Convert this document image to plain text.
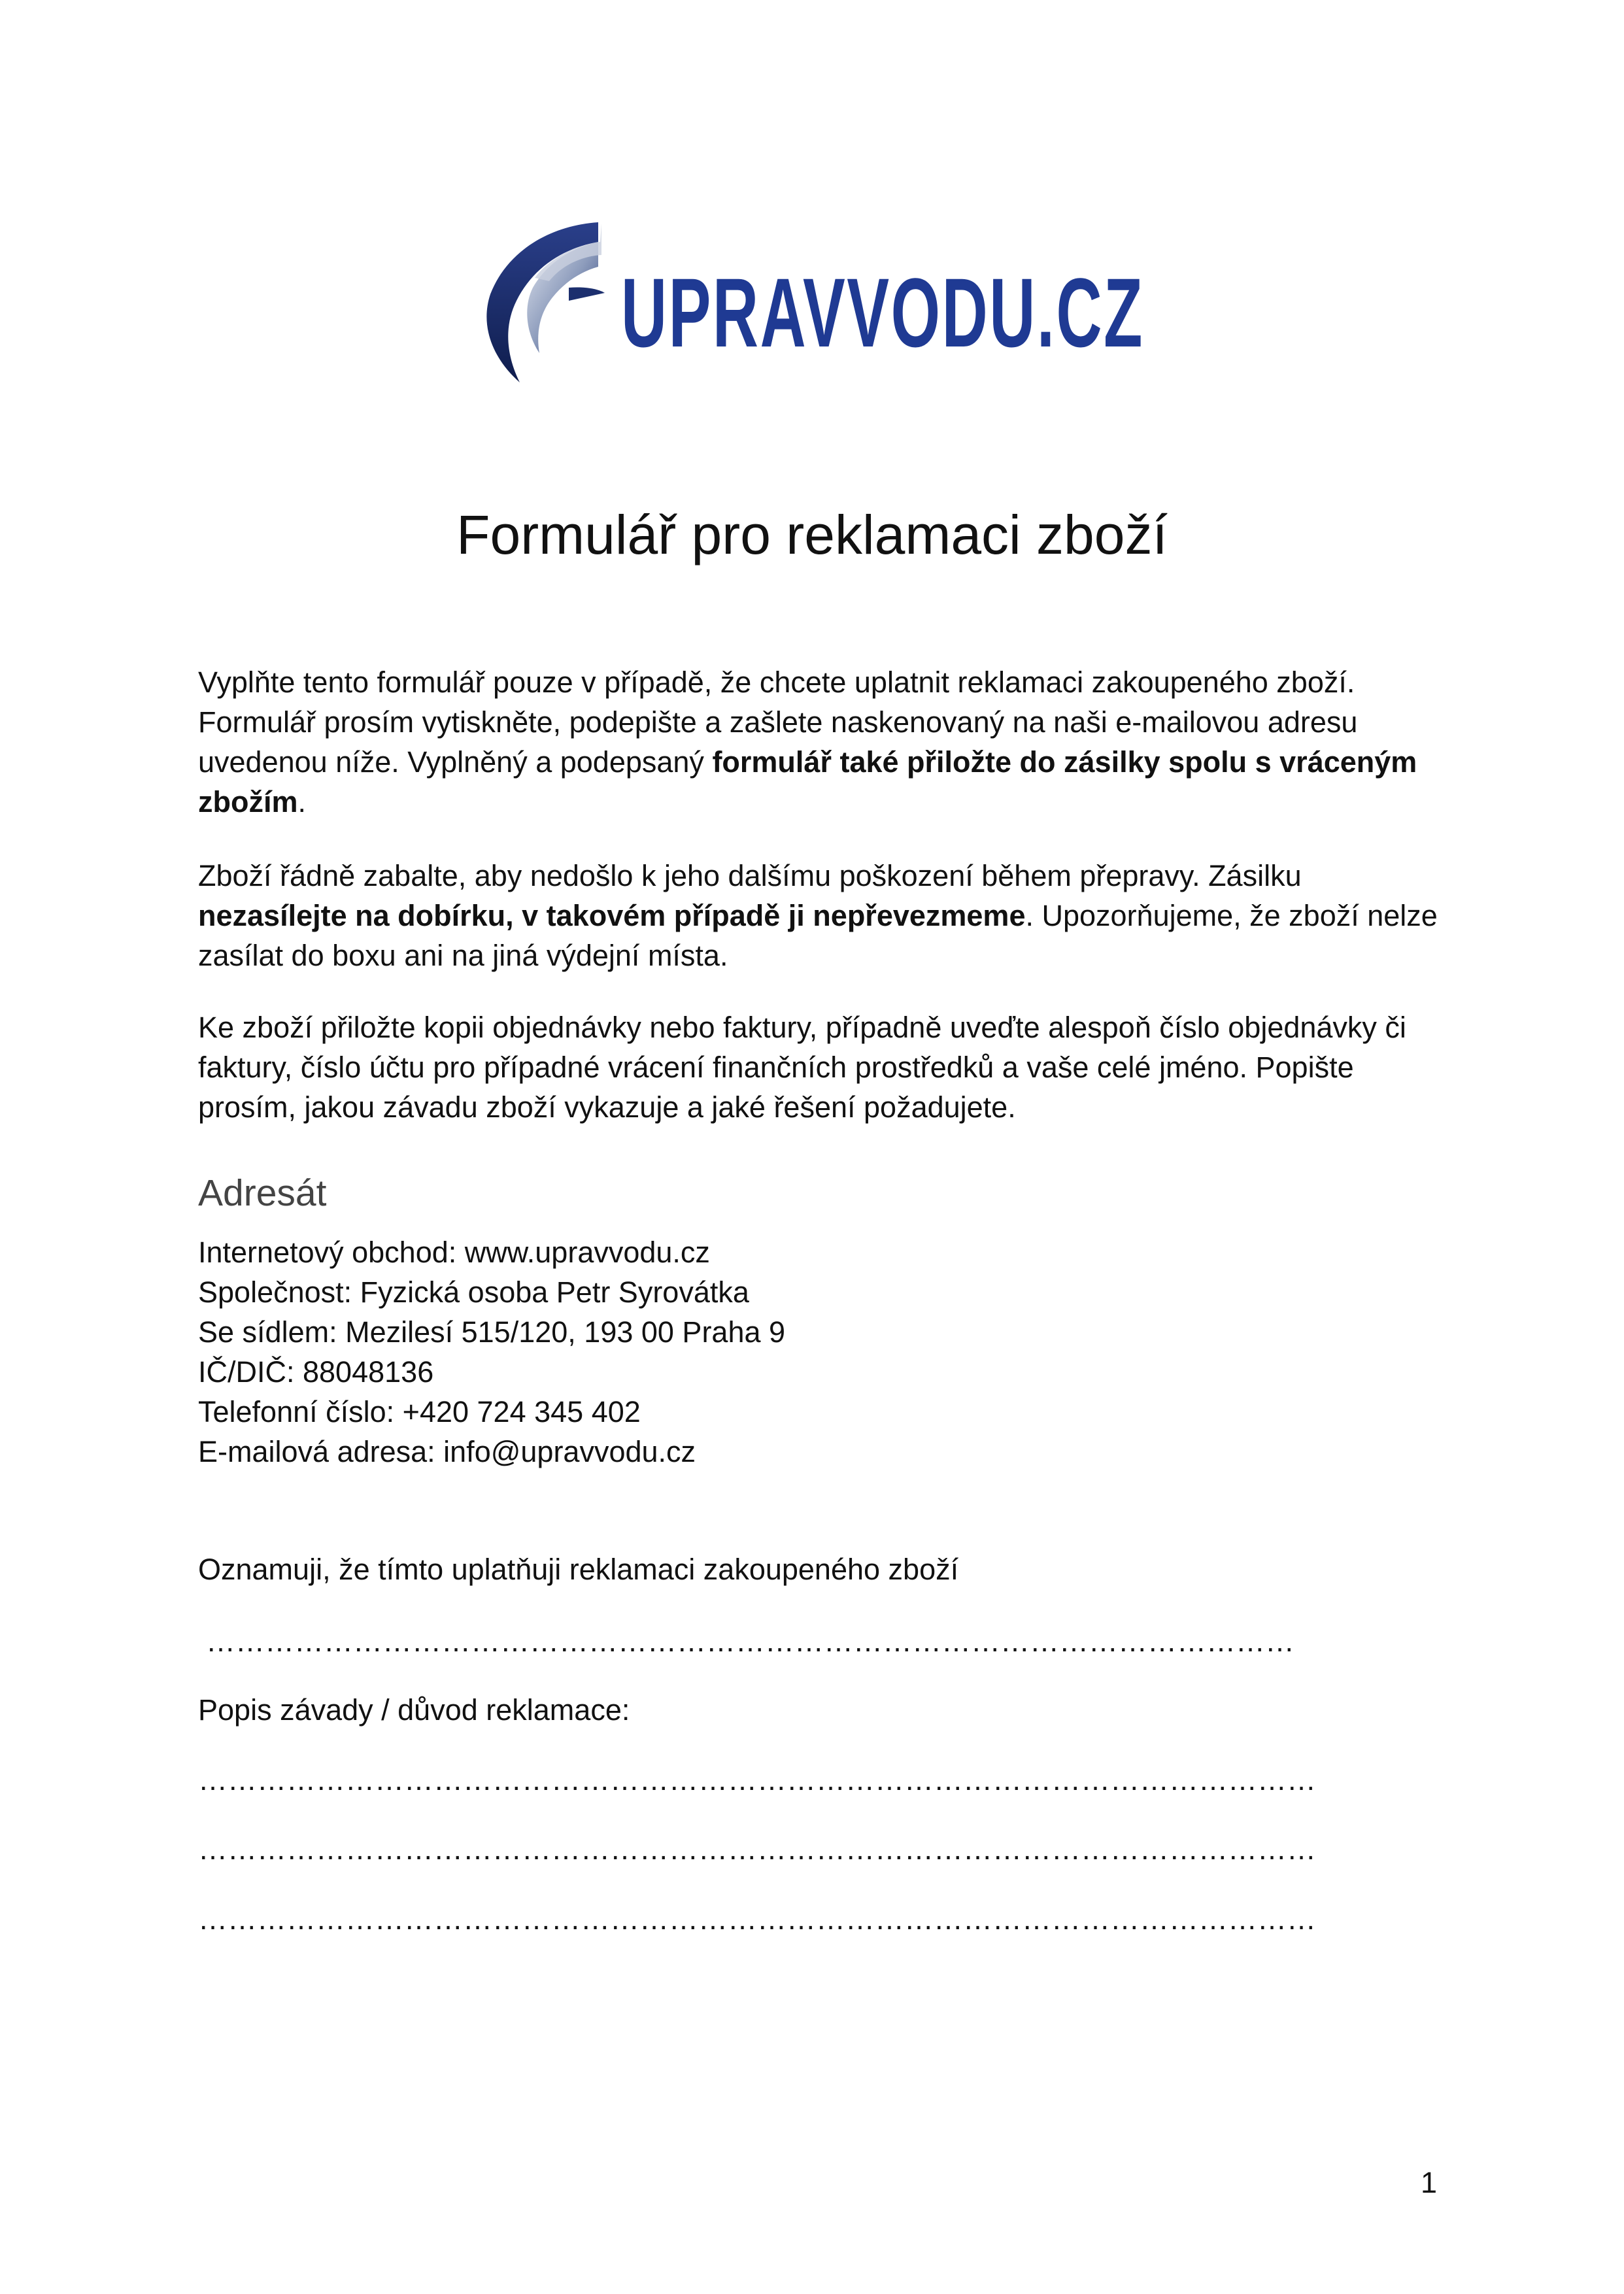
UPRAVVODU.CZ
Formulář pro reklamaci zboží

Vyplňte tento formulář pouze v případě, že chcete uplatnit reklamaci zakoupeného zboží. Formulář prosím vytiskněte, podepište a zašlete naskenovaný na naši e-mailovou adresu uvedenou níže. Vyplněný a podepsaný formulář také přiložte do zásilky spolu s vráceným zbožím.

Zboží řádně zabalte, aby nedošlo k jeho dalšímu poškození během přepravy. Zásilku nezasílejte na dobírku, v takovém případě ji nepřevezmeme. Upozorňujeme, že zboží nelze zasílat do boxu ani na jiná výdejní místa.

Ke zboží přiložte kopii objednávky nebo faktury, případně uveďte alespoň číslo objednávky či faktury, číslo účtu pro případné vrácení finančních prostředků a vaše celé jméno. Popište prosím, jakou závadu zboží vykazuje a jaké řešení požadujete.

Adresát
Internetový obchod: www.upravvodu.cz
Společnost: Fyzická osoba Petr Syrovátka
Se sídlem: Mezilesí 515/120, 193 00 Praha 9
IČ/DIČ: 88048136
Telefonní číslo: +420 724 345 402
E-mailová adresa: info@upravvodu.cz
Oznamuji, že tímto uplatňuji reklamaci zakoupeného zboží
…………………………………………………………………………………………………
Popis závady / důvod reklamace:
……………………………………………………………………………………………………
……………………………………………………………………………………………………
……………………………………………………………………………………………………
1
